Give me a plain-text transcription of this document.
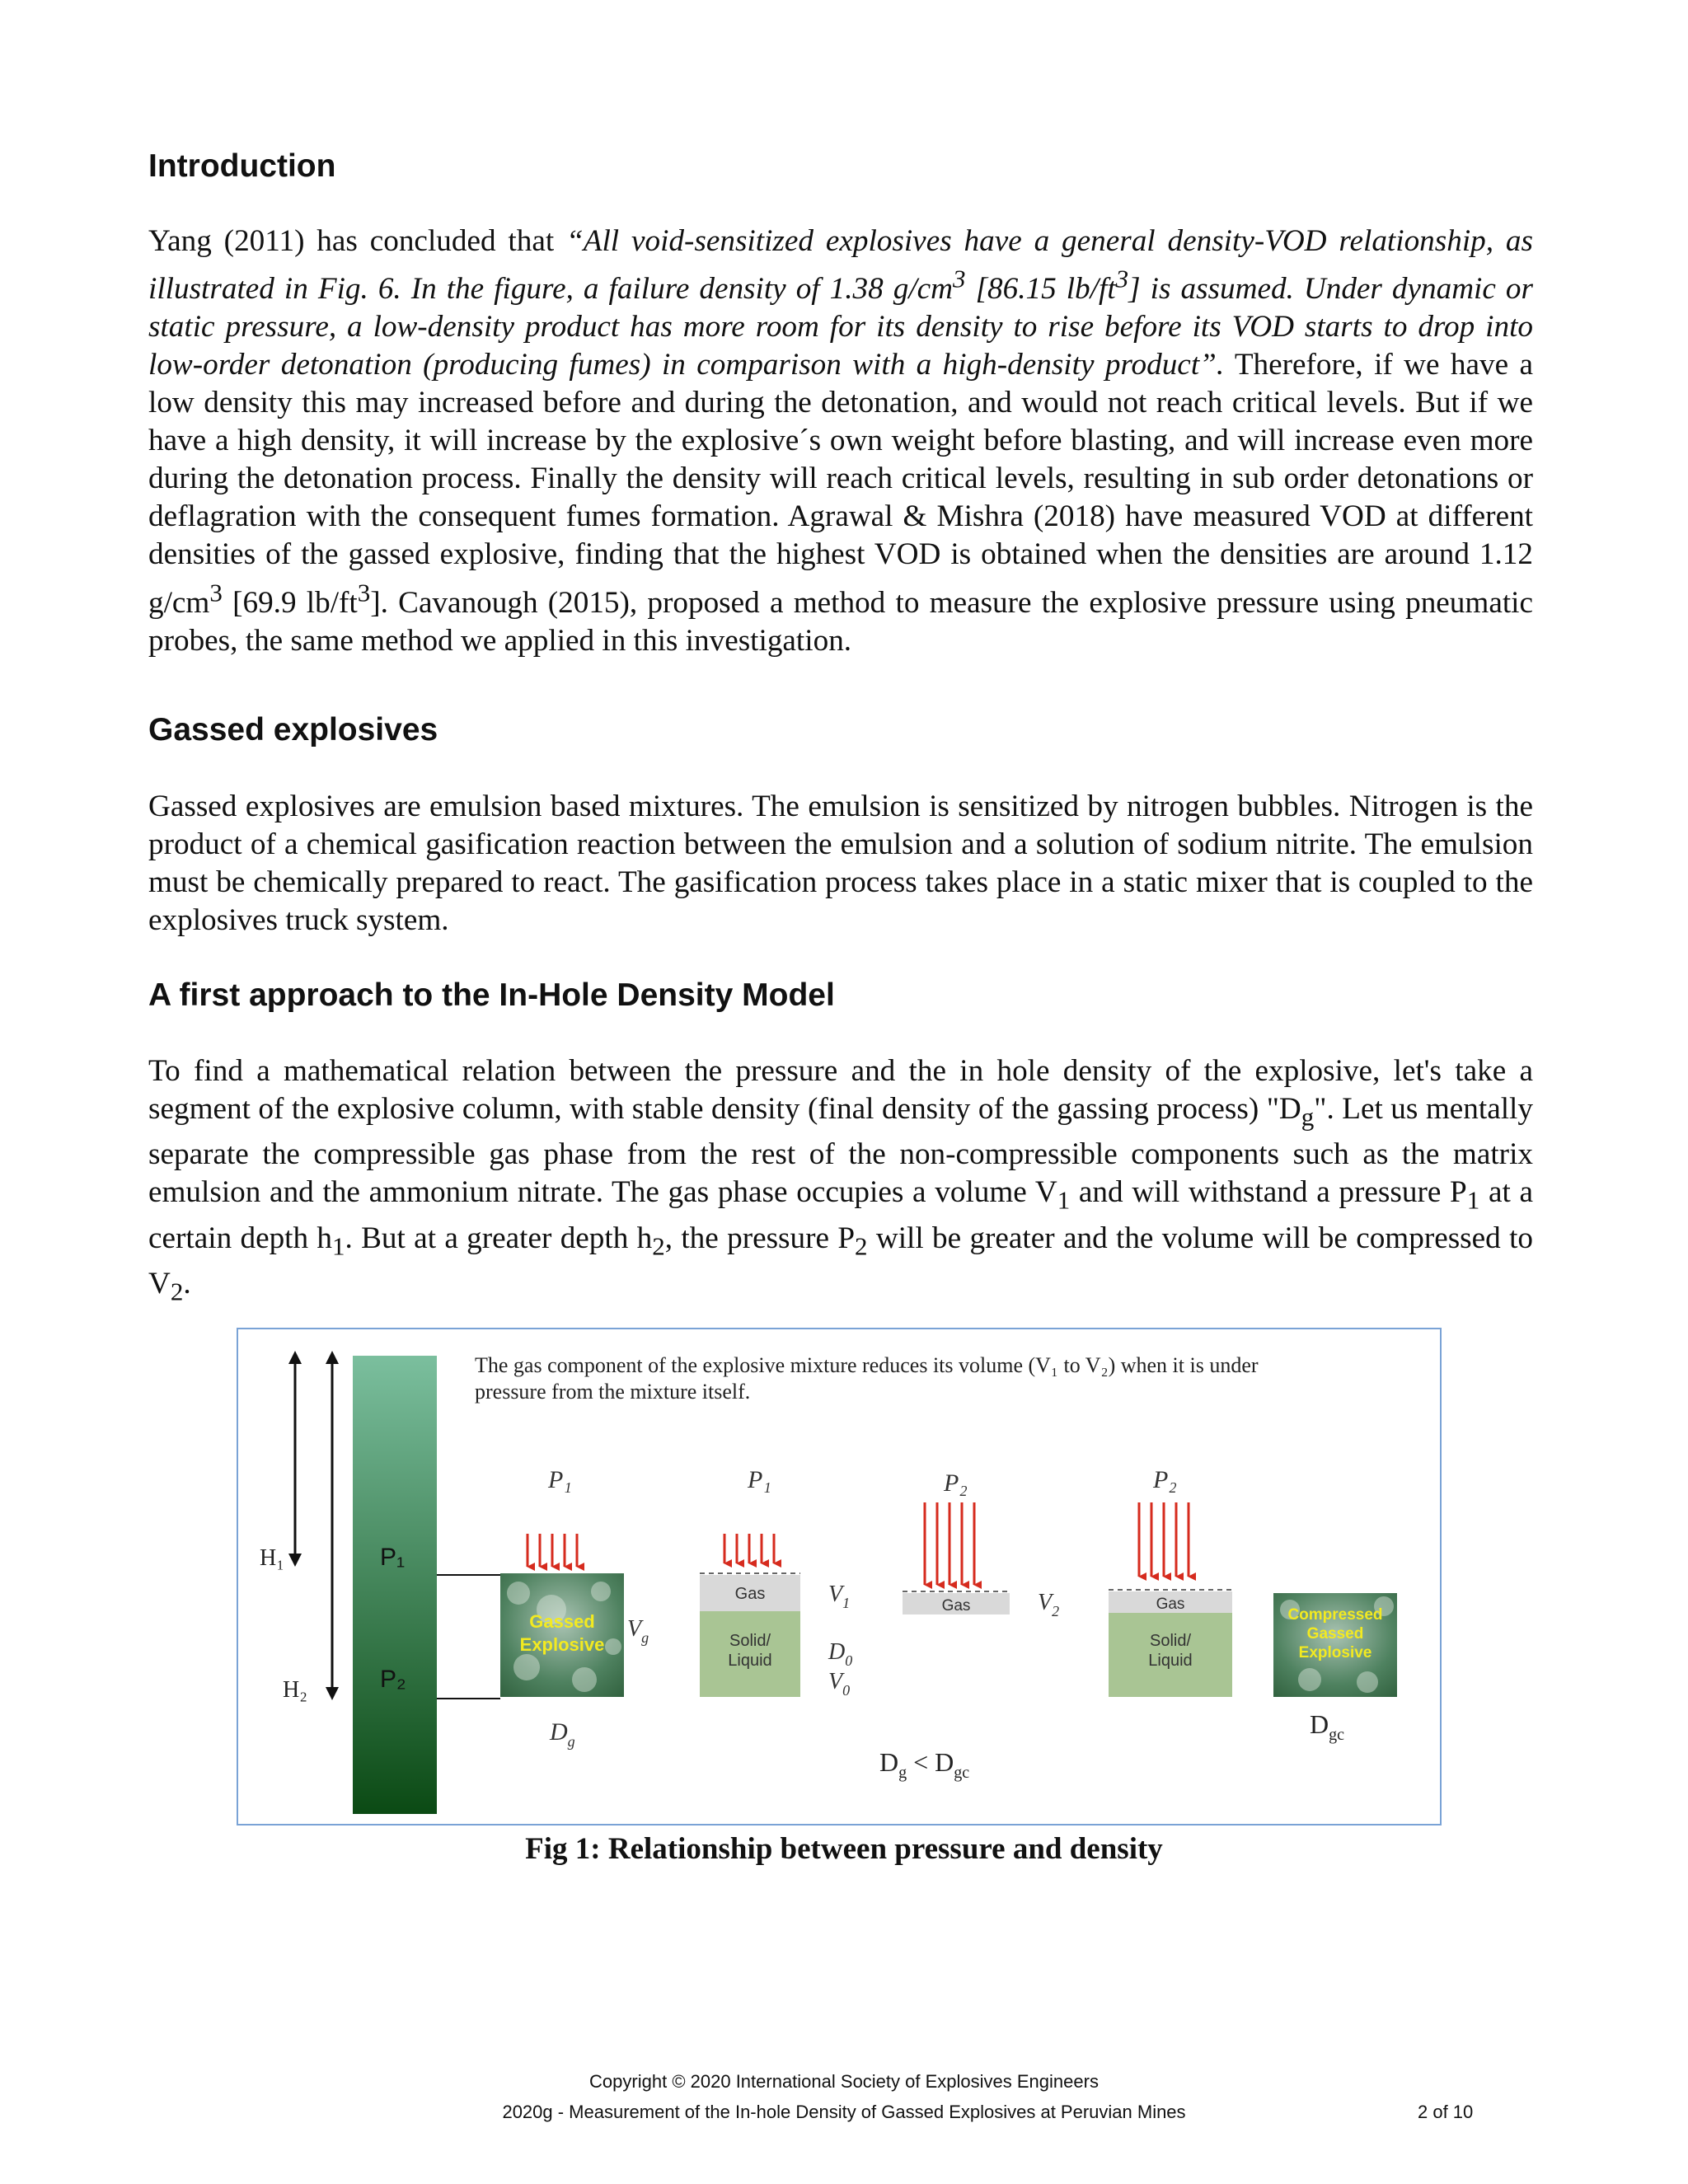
Introduction

Yang (2011) has concluded that “All void-sensitized explosives have a general density-VOD relationship, as illustrated in Fig. 6. In the figure, a failure density of 1.38 $g/cm^3$ [86.15 $lb/ft^3$] is assumed. Under dynamic or static pressure, a low-density product has more room for its density to rise before its VOD starts to drop into low-order detonation (producing fumes) in comparison with a high-density product”. Therefore, if we have a low density this may increased before and during the detonation, and would not reach critical levels. But if we have a high density, it will increase by the explosive´s own weight before blasting, and will increase even more during the detonation process. Finally the density will reach critical levels, resulting in sub order detonations or deflagration with the consequent fumes formation. Agrawal & Mishra (2018) have measured VOD at different densities of the gassed explosive, finding that the highest VOD is obtained when the densities are around 1.12 $g/cm^3$ [69.9 $lb/ft^3$]. Cavanough (2015), proposed a method to measure the explosive pressure using pneumatic probes, the same method we applied in this investigation.

Gassed explosives

Gassed explosives are emulsion based mixtures. The emulsion is sensitized by nitrogen bubbles. Nitrogen is the product of a chemical gasification reaction between the emulsion and a solution of sodium nitrite. The emulsion must be chemically prepared to react. The gasification process takes place in a static mixer that is coupled to the explosives truck system.

A first approach to the In-Hole Density Model

To find a mathematical relation between the pressure and the in hole density of the explosive, let's take a segment of the explosive column, with stable density (final density of the gassing process) "$D_g$". Let us mentally separate the compressible gas phase from the rest of the non-compressible components such as the matrix emulsion and the ammonium nitrate. The gas phase occupies a volume $V_1$ and will withstand a pressure $P_1$ at a certain depth $h_1$. But at a greater depth $h_2$, the pressure $P_2$ will be greater and the volume will be compressed to $V_2$.

The gas component of the explosive mixture reduces its volume (V₁ to V₂) when it is under
pressure from the mixture itself.
H₁
H₂
P₁
P₂
P₁
Gassed
Explosive
$V_g$
$D_g$
P₁
Gas
Solid/
Liquid
$V_1$
$D_0$
$V_0$
P₂
Gas	$V_2$
P₂
Gas
Solid/
Liquid
Compressed
Gassed
Explosive
$D_{gc}$
$D_g < D_{gc}$
Fig 1: Relationship between pressure and density
Copyright © 2020 International Society of Explosives Engineers
2020g - Measurement of the In-hole Density of Gassed Explosives at Peruvian Mines	2 of 10
